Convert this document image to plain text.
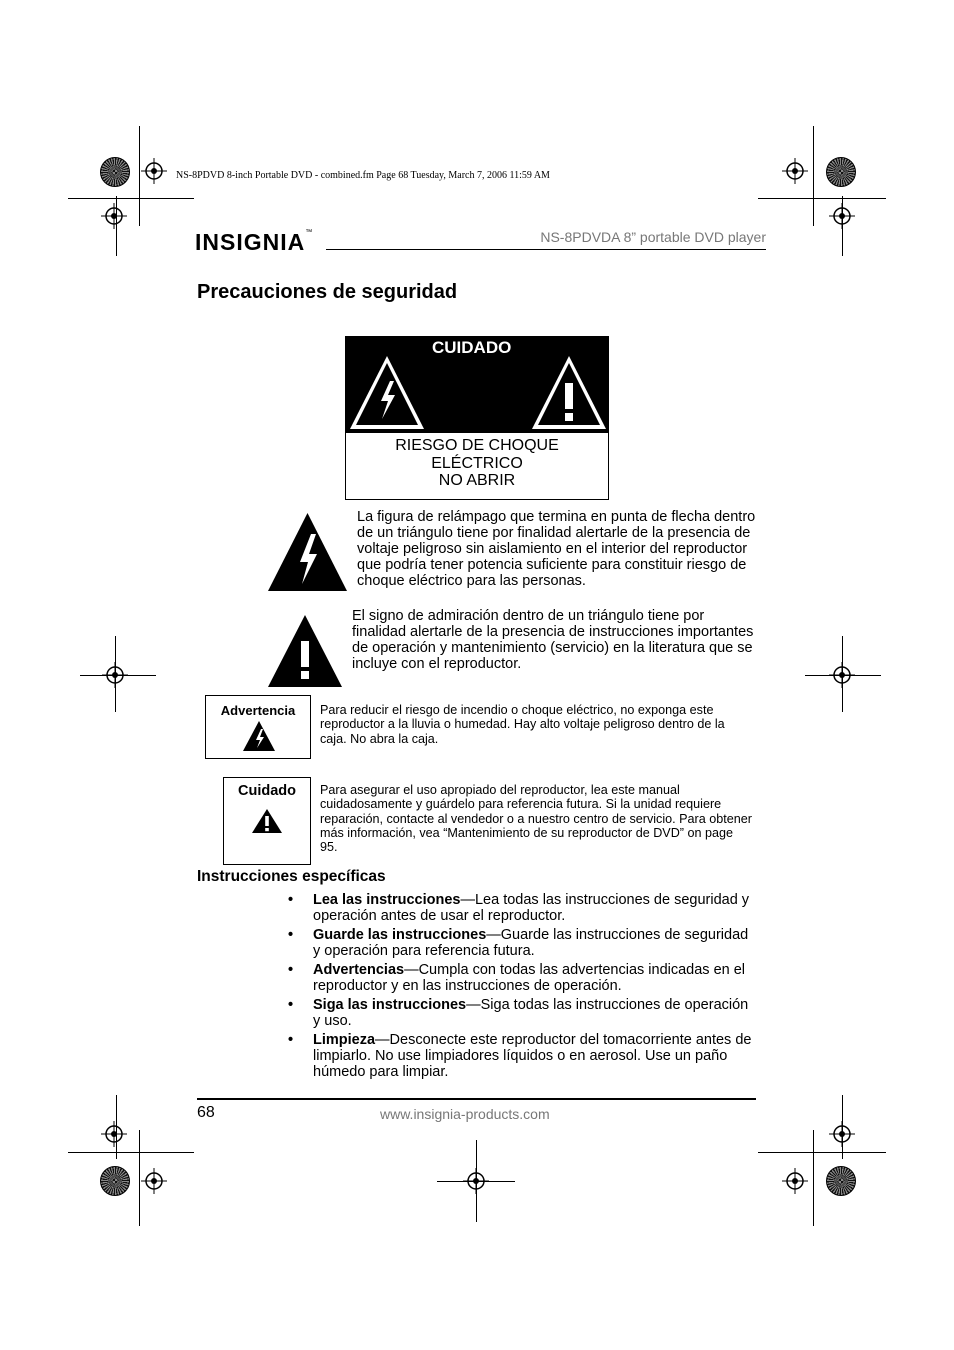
NS-8PDVD 8-inch Portable DVD - combined.fm Page 68 Tuesday, March 7, 2006 11:59 AM
INSIGNIA™	NS-8PDVDA 8” portable DVD player
Precauciones de seguridad
CUIDADO
RIESGO DE CHOQUE
ELÉCTRICO
NO ABRIR
La figura de relámpago que termina en punta de flecha dentro de un triángulo tiene por finalidad alertarle de la presencia de voltaje peligroso sin aislamiento en el interior del reproductor que podría tener potencia suficiente para constituir riesgo de choque eléctrico para las personas.
El signo de admiración dentro de un triángulo tiene por finalidad alertarle de la presencia de instrucciones importantes de operación y mantenimiento (servicio) en la literatura que se incluye con el reproductor.
Advertencia	Para reducir el riesgo de incendio o choque eléctrico, no exponga este reproductor a la lluvia o humedad. Hay alto voltaje peligroso dentro de la caja. No abra la caja.
Cuidado	Para asegurar el uso apropiado del reproductor, lea este manual cuidadosamente y guárdelo para referencia futura. Si la unidad requiere reparación, contacte al vendedor o a nuestro centro de servicio. Para obtener más información, vea “Mantenimiento de su reproductor de DVD” on page 95.
Instrucciones específicas
• Lea las instrucciones—Lea todas las instrucciones de seguridad y operación antes de usar el reproductor.
• Guarde las instrucciones—Guarde las instrucciones de seguridad y operación para referencia futura.
• Advertencias—Cumpla con todas las advertencias indicadas en el reproductor y en las instrucciones de operación.
• Siga las instrucciones—Siga todas las instrucciones de operación y uso.
• Limpieza—Desconecte este reproductor del tomacorriente antes de limpiarlo. No use limpiadores líquidos o en aerosol. Use un paño húmedo para limpiar.
68	www.insignia-products.com
